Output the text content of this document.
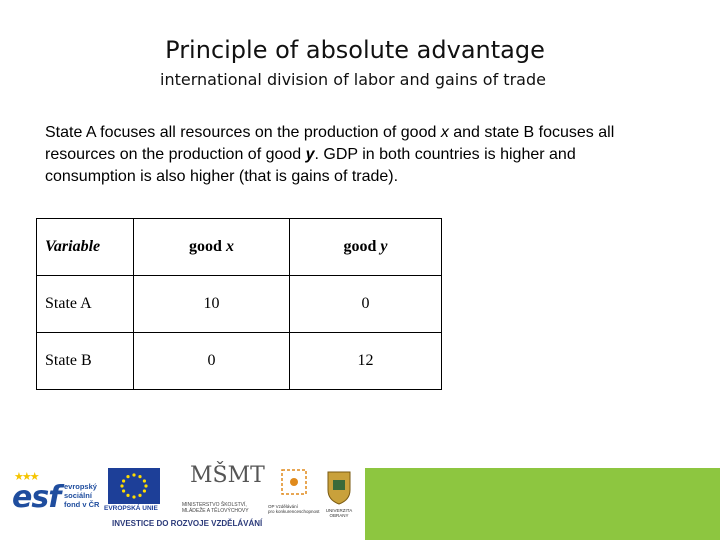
Principle of absolute advantage
international division of labor and gains of trade
State A focuses all resources on the production of good x and state B focuses all resources on the production of good y. GDP in both countries is higher and consumption is also higher (that is gains of trade).
Variable	good x	good y
State A	10	0
State B	0	12
★★★
esf evropský
sociální
fond v ČR EVROPSKÁ UNIE
MŠMT
MINISTERSTVO ŠKOLSTVÍ,
MLÁDEŽE A TĚLOVÝCHOVY
OP Vzdělávání
pro konkurenceschopnost	UNIVERZITA
OBRANY
INVESTICE DO ROZVOJE VZDĚLÁVÁNÍ
